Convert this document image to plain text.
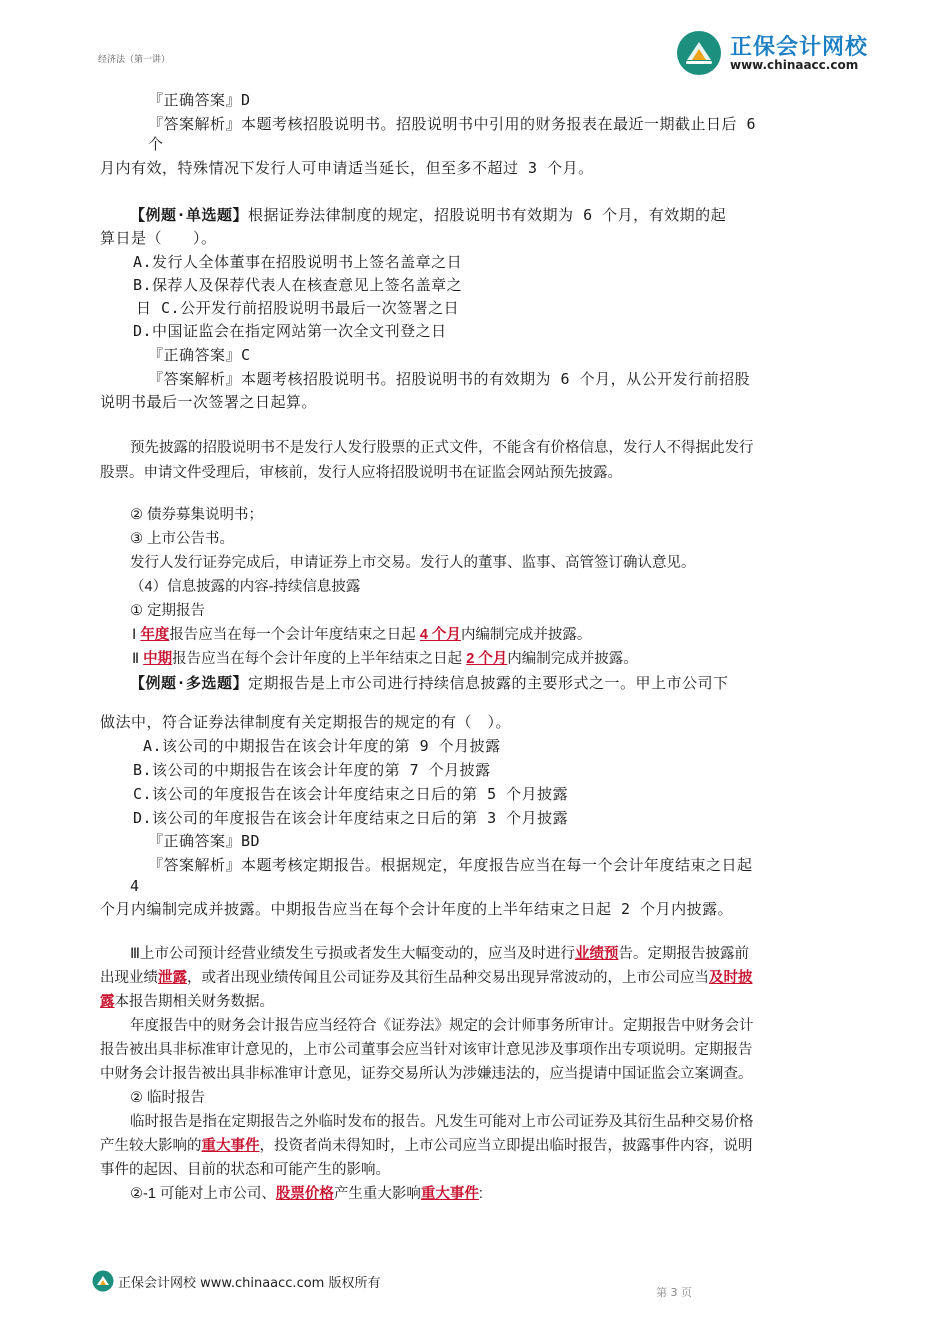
经济法（第一讲）	正保会计网校
www.chinaacc.com
『正确答案』D
『答案解析』本题考核招股说明书。招股说明书中引用的财务报表在最近一期截止日后 6
个
月内有效，特殊情况下发行人可申请适当延长，但至多不超过 3 个月。
【例题·单选题】根据证券法律制度的规定，招股说明书有效期为 6 个月，有效期的起
算日是（　　）。
A.发行人全体董事在招股说明书上签名盖章之日
B.保荐人及保荐代表人在核查意见上签名盖章之
日 C.公开发行前招股说明书最后一次签署之日
D.中国证监会在指定网站第一次全文刊登之日
『正确答案』C
『答案解析』本题考核招股说明书。招股说明书的有效期为 6 个月，从公开发行前招股
说明书最后一次签署之日起算。
预先披露的招股说明书不是发行人发行股票的正式文件，不能含有价格信息，发行人不得据此发行
股票。申请文件受理后，审核前，发行人应将招股说明书在证监会网站预先披露。
② 债券募集说明书；
③ 上市公告书。
发行人发行证券完成后，申请证券上市交易。发行人的董事、监事、高管签订确认意见。
（4）信息披露的内容-持续信息披露
① 定期报告
Ⅰ 年度报告应当在每一个会计年度结束之日起 4 个月内编制完成并披露。
Ⅱ 中期报告应当在每个会计年度的上半年结束之日起 2 个月内编制完成并披露。
【例题·多选题】定期报告是上市公司进行持续信息披露的主要形式之一。甲上市公司下
做法中，符合证券法律制度有关定期报告的规定的有（　）。
A.该公司的中期报告在该会计年度的第 9 个月披露
B.该公司的中期报告在该会计年度的第 7 个月披露
C.该公司的年度报告在该会计年度结束之日后的第 5 个月披露
D.该公司的年度报告在该会计年度结束之日后的第 3 个月披露
『正确答案』BD
『答案解析』本题考核定期报告。根据规定，年度报告应当在每一个会计年度结束之日起
4
个月内编制完成并披露。中期报告应当在每个会计年度的上半年结束之日起 2 个月内披露。
Ⅲ上市公司预计经营业绩发生亏损或者发生大幅变动的，应当及时进行业绩预告。定期报告披露前
出现业绩泄露，或者出现业绩传闻且公司证券及其衍生品种交易出现异常波动的，上市公司应当及时披
露本报告期相关财务数据。
年度报告中的财务会计报告应当经符合《证券法》规定的会计师事务所审计。定期报告中财务会计
报告被出具非标准审计意见的，上市公司董事会应当针对该审计意见涉及事项作出专项说明。定期报告
中财务会计报告被出具非标准审计意见，证券交易所认为涉嫌违法的，应当提请中国证监会立案调查。
② 临时报告
临时报告是指在定期报告之外临时发布的报告。凡发生可能对上市公司证券及其衍生品种交易价格
产生较大影响的重大事件，投资者尚未得知时，上市公司应当立即提出临时报告，披露事件内容，说明
事件的起因、目前的状态和可能产生的影响。
②-1 可能对上市公司、股票价格产生重大影响重大事件:
正保会计网校 www.chinaacc.com 版权所有
第 3 页
